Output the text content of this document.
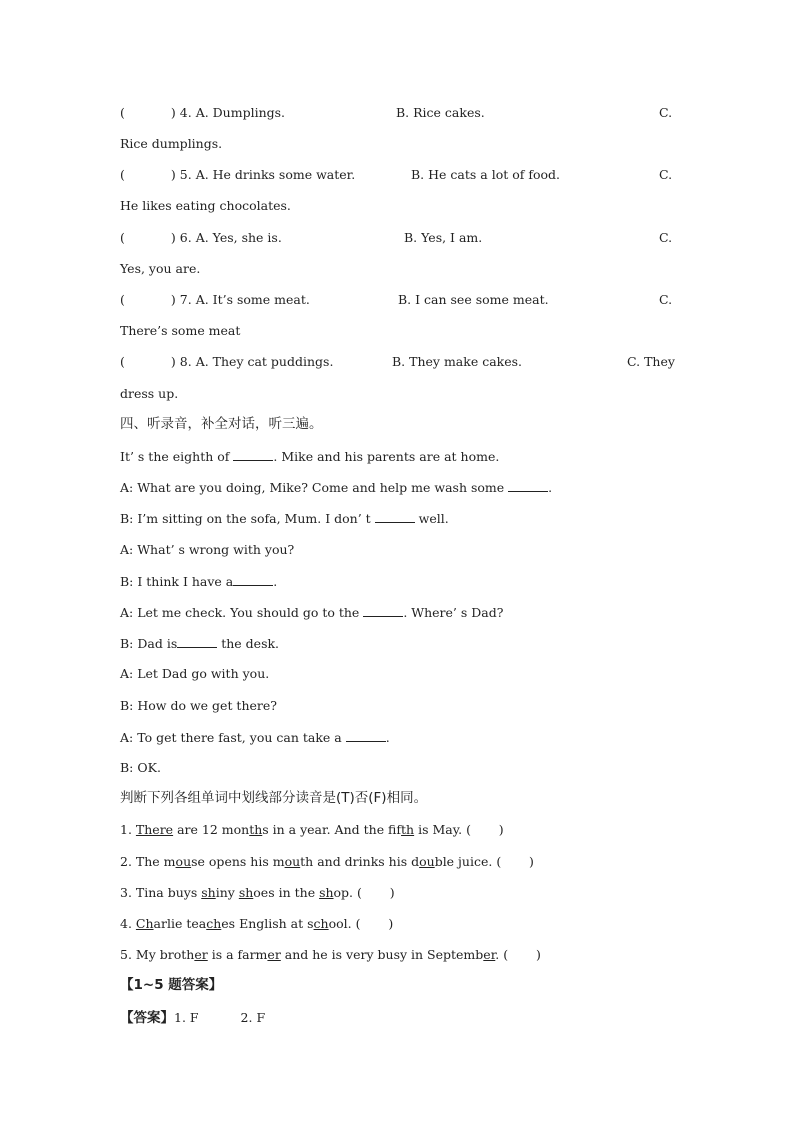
(	) 4. A. Dumplings.	B. Rice cakes.	C.
Rice dumplings.
(	) 5. A. He drinks some water.	B. He cats a lot of food.	C.
He likes eating chocolates.
(	) 6. A. Yes, she is.	B. Yes, I am.	C.
Yes, you are.
(	) 7. A. It’s some meat.	B. I can see some meat.	C.
There’s some meat
(	) 8. A. They cat puddings.	B. They make cakes.	C. They
dress up.
四、听录音，补全对话，听三遍。
It’ s the eighth of	. Mike and his parents are at home.
A: What are you doing, Mike? Come and help me wash some	.
B: I’m sitting on the sofa, Mum. I don’ t	well.
A: What’ s wrong with you?
B: I think I have a	.
A: Let me check. You should go to the	. Where’ s Dad?
B: Dad is	the desk.
A: Let Dad go with you.
B: How do we get there?
A: To get there fast, you can take a	.
B: OK.
判断下列各组单词中划线部分读音是(T)否(F)相同。
1. There are 12 months in a year. And the fifth is May. (       )
2. The mouse opens his mouth and drinks his double juice. (       )
3. Tina buys shiny shoes in the shop. (       )
4. Charlie teaches English at school. (       )
5. My brother is a farmer and he is very busy in September. (       )
【1~5 题答案】
【答案】1. F	2. F
